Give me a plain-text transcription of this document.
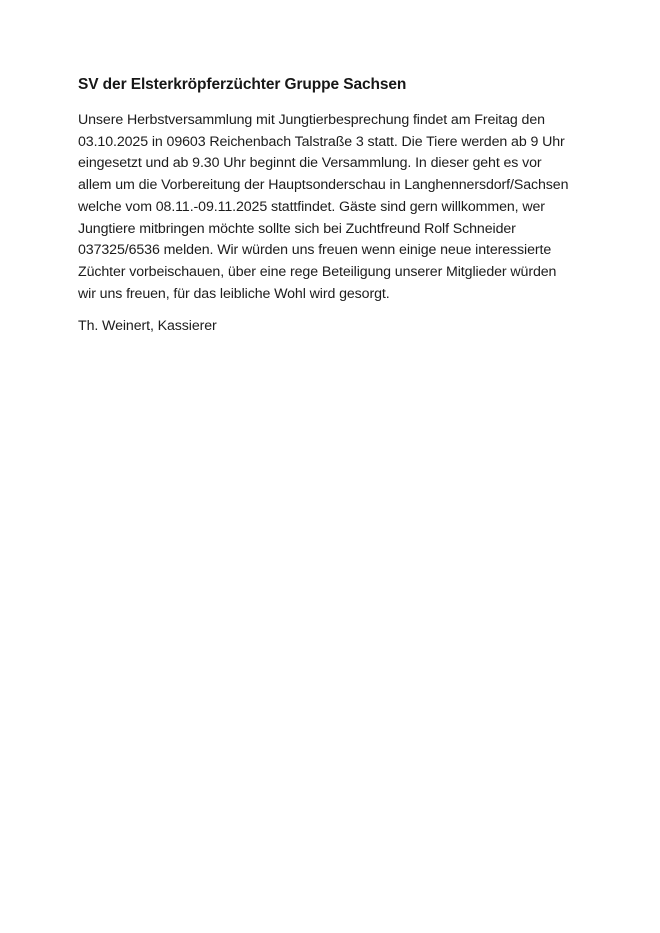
SV der Elsterkröpferzüchter Gruppe Sachsen
Unsere Herbstversammlung mit Jungtierbesprechung findet am Freitag den
03.10.2025 in 09603 Reichenbach Talstraße 3 statt. Die Tiere werden ab 9 Uhr
eingesetzt und ab 9.30 Uhr beginnt die Versammlung. In dieser geht es vor
allem um die Vorbereitung der Hauptsonderschau in Langhennersdorf/Sachsen
welche vom 08.11.-09.11.2025 stattfindet. Gäste sind gern willkommen, wer
Jungtiere mitbringen möchte sollte sich bei Zuchtfreund Rolf Schneider
037325/6536 melden. Wir würden uns freuen wenn einige neue interessierte
Züchter vorbeischauen, über eine rege Beteiligung unserer Mitglieder würden
wir uns freuen, für das leibliche Wohl wird gesorgt.
Th. Weinert, Kassierer
